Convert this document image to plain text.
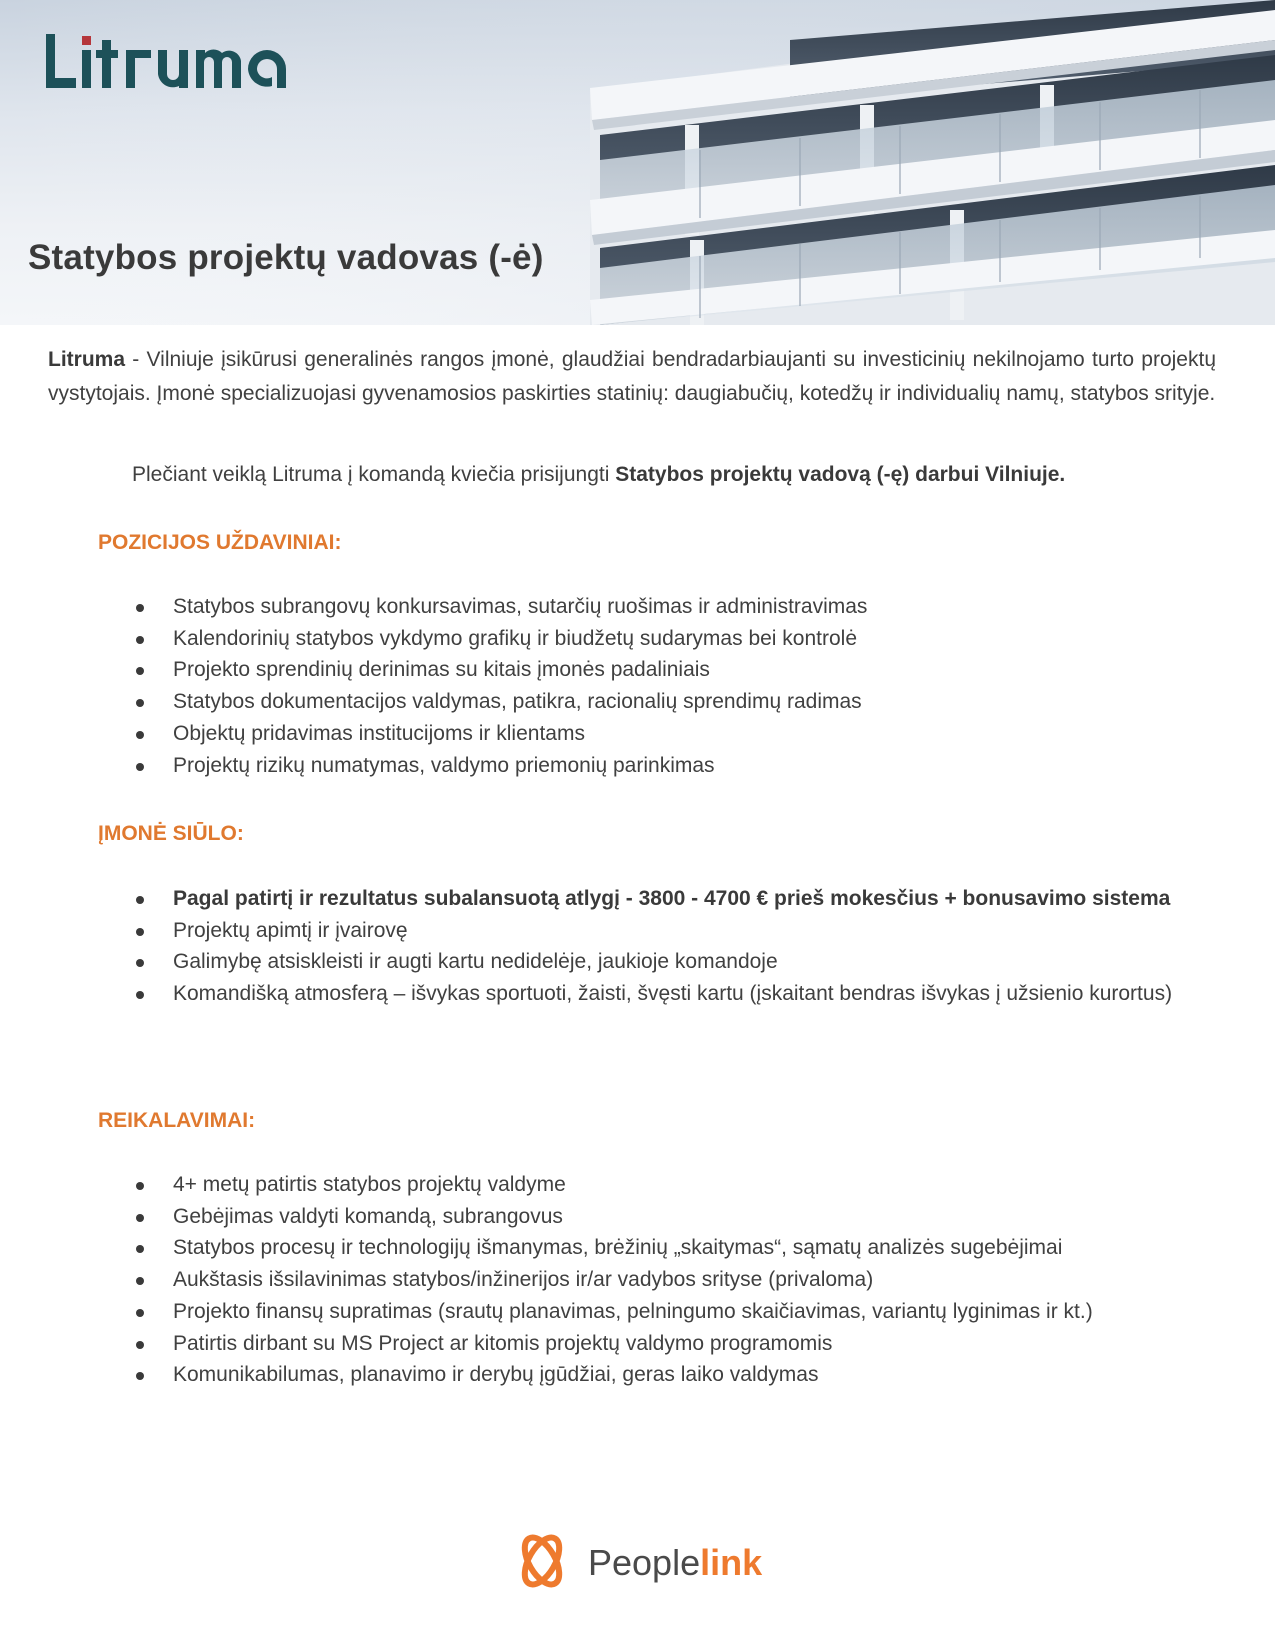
Statybos projektų vadovas (-ė)

Litruma - Vilniuje įsikūrusi generalinės rangos įmonė, glaudžiai bendradarbiaujanti su investicinių nekilnojamo turto projektų vystytojais. Įmonė specializuojasi gyvenamosios paskirties statinių: daugiabučių, kotedžų ir individualių namų, statybos srityje.

Plečiant veiklą Litruma į komandą kviečia prisijungti Statybos projektų vadovą (-ę) darbui Vilniuje.

POZICIJOS UŽDAVINIAI:
Statybos subrangovų konkursavimas, sutarčių ruošimas ir administravimas
Kalendorinių statybos vykdymo grafikų ir biudžetų sudarymas bei kontrolė
Projekto sprendinių derinimas su kitais įmonės padaliniais
Statybos dokumentacijos valdymas, patikra, racionalių sprendimų radimas
Objektų pridavimas institucijoms ir klientams
Projektų rizikų numatymas, valdymo priemonių parinkimas
ĮMONĖ SIŪLO:
Pagal patirtį ir rezultatus subalansuotą atlygį - 3800 - 4700 € prieš mokesčius + bonusavimo sistema
Projektų apimtį ir įvairovę
Galimybę atsiskleisti ir augti kartu nedidelėje, jaukioje komandoje
Komandišką atmosferą – išvykas sportuoti, žaisti, švęsti kartu (įskaitant bendras išvykas į užsienio kurortus)
REIKALAVIMAI:
4+ metų patirtis statybos projektų valdyme
Gebėjimas valdyti komandą, subrangovus
Statybos procesų ir technologijų išmanymas, brėžinių „skaitymas“, sąmatų analizės sugebėjimai
Aukštasis išsilavinimas statybos/inžinerijos ir/ar vadybos srityse (privaloma)
Projekto finansų supratimas (srautų planavimas, pelningumo skaičiavimas, variantų lyginimas ir kt.)
Patirtis dirbant su MS Project ar kitomis projektų valdymo programomis
Komunikabilumas, planavimo ir derybų įgūdžiai, geras laiko valdymas
Peoplelink
